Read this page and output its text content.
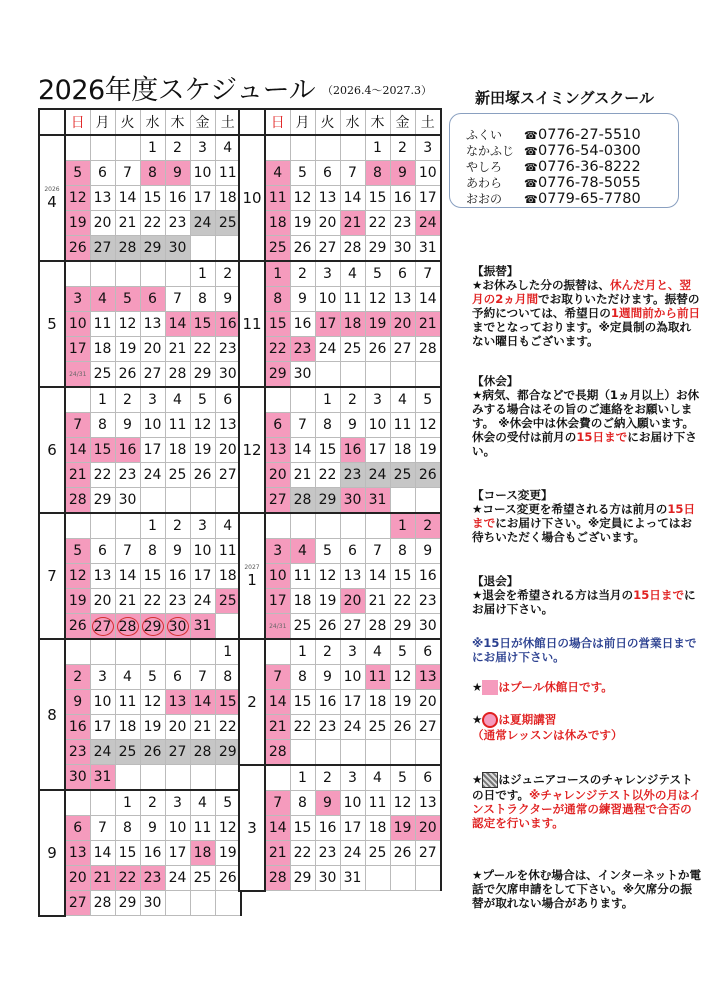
2026年度スケジュール （2026.4～2027.3）	新田塚スイミングスクール
ふくい ☎0776-27-5510
なかふじ ☎0776-54-0300
やしろ ☎0776-36-8222
あわら ☎0776-78-5055
おおの ☎0779-65-7780
	日	月	火	水	木	金	土

2026
4				1	2	3	4
	5	6	7	8	9	10	11
	12	13	14	15	16	17	18
	19	20	21	22	23	24	25
	26	27	28	29	30		

5						1	2
	3	4	5	6	7	8	9
	10	11	12	13	14	15	16
	17	18	19	20	21	22	23
	24/31	25	26	27	28	29	30

6		1	2	3	4	5	6
	7	8	9	10	11	12	13
	14	15	16	17	18	19	20
	21	22	23	24	25	26	27
	28	29	30				

7				1	2	3	4
	5	6	7	8	9	10	11
	12	13	14	15	16	17	18
	19	20	21	22	23	24	25
	26	27	28	29	30	31	

8							1
	2	3	4	5	6	7	8
	9	10	11	12	13	14	15
	16	17	18	19	20	21	22
	23	24	25	26	27	28	29
	30	31					

9			1	2	3	4	5
	6	7	8	9	10	11	12
	13	14	15	16	17	18	19
	20	21	22	23	24	25	26
	27	28	29	30			
	日	月	火	水	木	金	土

10					1	2	3
	4	5	6	7	8	9	10
	11	12	13	14	15	16	17
	18	19	20	21	22	23	24
	25	26	27	28	29	30	31

11	1	2	3	4	5	6	7
	8	9	10	11	12	13	14
	15	16	17	18	19	20	21
	22	23	24	25	26	27	28
	29	30					

12			1	2	3	4	5
	6	7	8	9	10	11	12
	13	14	15	16	17	18	19
	20	21	22	23	24	25	26
	27	28	29	30	31		

2027
1						1	2
	3	4	5	6	7	8	9
	10	11	12	13	14	15	16
	17	18	19	20	21	22	23
	24/31	25	26	27	28	29	30

2		1	2	3	4	5	6
	7	8	9	10	11	12	13
	14	15	16	17	18	19	20
	21	22	23	24	25	26	27
	28						

3		1	2	3	4	5	6
	7	8	9	10	11	12	13
	14	15	16	17	18	19	20
	21	22	23	24	25	26	27
	28	29	30	31			
【振替】
★お休みした分の振替は、休んだ月と、翌月の2ヵ月間でお取りいただけます。振替の予約については、希望日の1週間前から前日までとなっております。※定員制の為取れない曜日もございます。
【休会】
★病気、都合などで長期（1ヵ月以上）お休みする場合はその旨のご連絡をお願いします。 ※休会中は休会費のご納入願います。休会の受付は前月の15日までにお届け下さい。
【コース変更】
★コース変更を希望される方は前月の15日までにお届け下さい。※定員によってはお待ちいただく場合もございます。
【退会】
★退会を希望される方は当月の15日までにお届け下さい。
※15日が休館日の場合は前日の営業日までにお届け下さい。
★ はプール休館日です。
★ は夏期講習
（通常レッスンは休みです）
★ はジュニアコースのチャレンジテストの日です。※チャレンジテスト以外の月はインストラクターが通常の練習過程で合否の認定を行います。
★プールを休む場合は、インターネットか電話で欠席申請をして下さい。※欠席分の振替が取れない場合があります。
